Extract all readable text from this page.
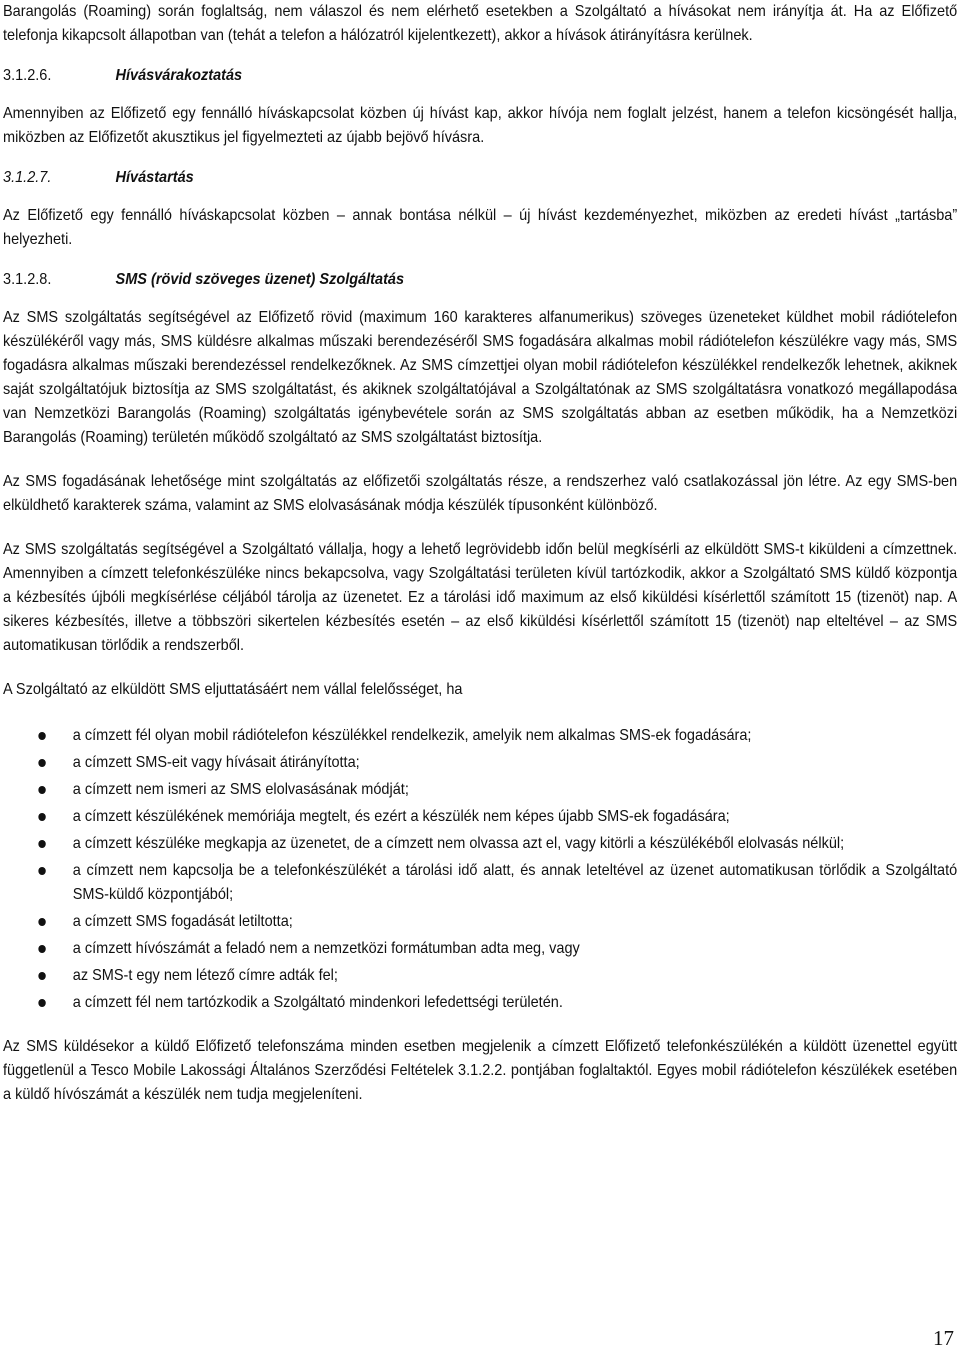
Barangolás (Roaming) során foglaltság, nem válaszol és nem elérhető esetekben a Szolgáltató a hívásokat nem irányítja át. Ha az Előfizető telefonja kikapcsolt állapotban van (tehát a telefon a hálózatról kijelentkezett), akkor a hívások átirányításra kerülnek.

3.1.2.6.	Hívásvárakoztatás

Amennyiben az Előfizető egy fennálló híváskapcsolat közben új hívást kap, akkor hívója nem foglalt jelzést, hanem a telefon kicsöngését hallja, miközben az Előfizetőt akusztikus jel figyelmezteti az újabb bejövő hívásra.

3.1.2.7.	Hívástartás

Az Előfizető egy fennálló híváskapcsolat közben – annak bontása nélkül – új hívást kezdeményezhet, miközben az eredeti hívást „tartásba” helyezheti.

3.1.2.8.	SMS (rövid szöveges üzenet) Szolgáltatás

Az SMS szolgáltatás segítségével az Előfizető rövid (maximum 160 karakteres alfanumerikus) szöveges üzeneteket küldhet mobil rádiótelefon készülékéről vagy más, SMS küldésre alkalmas műszaki berendezéséről SMS fogadására alkalmas mobil rádiótelefon készülékre vagy más, SMS fogadásra alkalmas műszaki berendezéssel rendelkezőknek. Az SMS címzettjei olyan mobil rádiótelefon készülékkel rendelkezők lehetnek, akiknek saját szolgáltatójuk biztosítja az SMS szolgáltatást, és akiknek szolgáltatójával a Szolgáltatónak az SMS szolgáltatásra vonatkozó megállapodása van Nemzetközi Barangolás (Roaming) szolgáltatás igénybevétele során az SMS szolgáltatás abban az esetben működik, ha a Nemzetközi Barangolás (Roaming) területén működő szolgáltató az SMS szolgáltatást biztosítja.

Az SMS fogadásának lehetősége mint szolgáltatás az előfizetői szolgáltatás része, a rendszerhez való csatlakozással jön létre. Az egy SMS-ben elküldhető karakterek száma, valamint az SMS elolvasásának módja készülék típusonként különböző.

Az SMS szolgáltatás segítségével a Szolgáltató vállalja, hogy a lehető legrövidebb időn belül megkísérli az elküldött SMS-t kiküldeni a címzettnek. Amennyiben a címzett telefonkészüléke nincs bekapcsolva, vagy Szolgáltatási területen kívül tartózkodik, akkor a Szolgáltató SMS küldő központja a kézbesítés újbóli megkísérlése céljából tárolja az üzenetet. Ez a tárolási idő maximum az első kiküldési kísérlettől számított 15 (tizenöt) nap. A sikeres kézbesítés, illetve a többszöri sikertelen kézbesítés esetén – az első kiküldési kísérlettől számított 15 (tizenöt) nap elteltével – az SMS automatikusan törlődik a rendszerből.

A Szolgáltató az elküldött SMS eljuttatásáért nem vállal felelősséget, ha

a címzett fél olyan mobil rádiótelefon készülékkel rendelkezik, amelyik nem alkalmas SMS-ek fogadására;
a címzett SMS-eit vagy hívásait átirányította;
a címzett nem ismeri az SMS elolvasásának módját;
a címzett készülékének memóriája megtelt, és ezért a készülék nem képes újabb SMS-ek fogadására;
a címzett készüléke megkapja az üzenetet, de a címzett nem olvassa azt el, vagy kitörli a készülékéből elolvasás nélkül;
a címzett nem kapcsolja be a telefonkészülékét a tárolási idő alatt, és annak leteltével az üzenet automatikusan törlődik a Szolgáltató SMS-küldő központjából;
a címzett SMS fogadását letiltotta;
a címzett hívószámát a feladó nem a nemzetközi formátumban adta meg, vagy
az SMS-t egy nem létező címre adták fel;
a címzett fél nem tartózkodik a Szolgáltató mindenkori lefedettségi területén.

Az SMS küldésekor a küldő Előfizető telefonszáma minden esetben megjelenik a címzett Előfizető telefonkészülékén a küldött üzenettel együtt függetlenül a Tesco Mobile Lakossági Általános Szerződési Feltételek 3.1.2.2. pontjában foglaltaktól. Egyes mobil rádiótelefon készülékek esetében a küldő hívószámát a készülék nem tudja megjeleníteni.

17
